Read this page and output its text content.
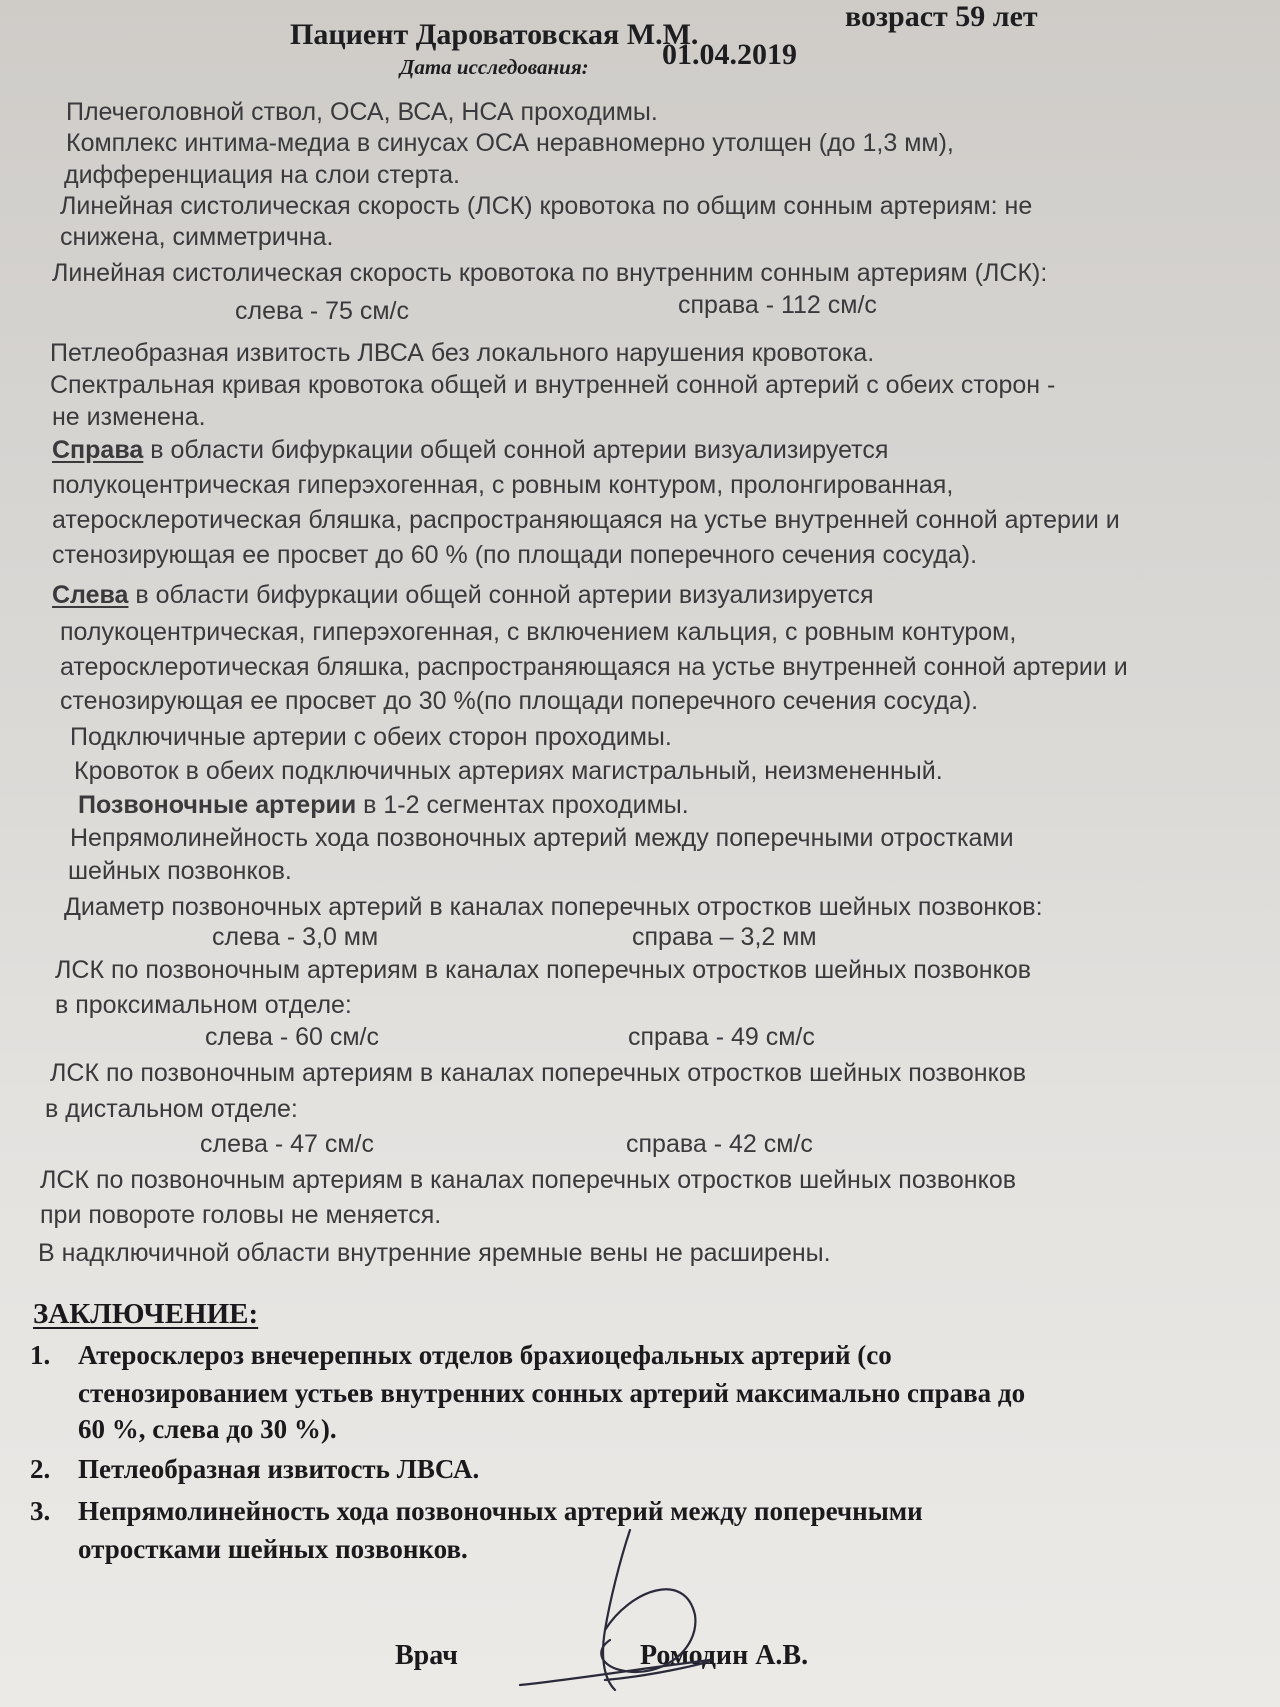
Пациент Дароватовская М.М.
возраст 59 лет
Дата исследования: 01.04.2019
Плечеголовной ствол, ОСА, ВСА, НСА проходимы.
Комплекс интима-медиа в синусах ОСА неравномерно утолщен (до 1,3 мм),
дифференциация на слои стерта.
Линейная систолическая скорость (ЛСК) кровотока по общим сонным артериям: не
снижена, симметрична.
Линейная систолическая скорость кровотока по внутренним сонным артериям (ЛСК):
слева - 75 см/с	справа - 112 см/с
Петлеобразная извитость ЛВСА без локального нарушения кровотока.
Спектральная кривая кровотока общей и внутренней сонной артерий с обеих сторон -
не изменена.
Справа в области бифуркации общей сонной артерии визуализируется
полукоцентрическая гиперэхогенная, с ровным контуром, пролонгированная,
атеросклеротическая бляшка, распространяющаяся на устье внутренней сонной артерии и
стенозирующая ее просвет до 60 % (по площади поперечного сечения сосуда).
Слева в области бифуркации общей сонной артерии визуализируется
полукоцентрическая, гиперэхогенная, с включением кальция, с ровным контуром,
атеросклеротическая бляшка, распространяющаяся на устье внутренней сонной артерии и
стенозирующая ее просвет до 30 %(по площади поперечного сечения сосуда).
Подключичные артерии с обеих сторон проходимы.
Кровоток в обеих подключичных артериях магистральный, неизмененный.
Позвоночные артерии в 1-2 сегментах проходимы.
Непрямолинейность хода позвоночных артерий между поперечными отростками
шейных позвонков.
Диаметр позвоночных артерий в каналах поперечных отростков шейных позвонков:
слева - 3,0 мм	справа – 3,2 мм
ЛСК по позвоночным артериям в каналах поперечных отростков шейных позвонков
в проксимальном отделе:
слева - 60 см/с	справа - 49 см/с
ЛСК по позвоночным артериям в каналах поперечных отростков шейных позвонков
в дистальном отделе:
слева - 47 см/с	справа - 42 см/с
ЛСК по позвоночным артериям в каналах поперечных отростков шейных позвонков
при повороте головы не меняется.
В надключичной области внутренние яремные вены не расширены.
ЗАКЛЮЧЕНИЕ:
1. Атеросклероз внечерепных отделов брахиоцефальных артерий (со
стенозированием устьев внутренних сонных артерий максимально справа до
60 %, слева до 30 %).
2. Петлеобразная извитость ЛВСА.
3. Непрямолинейность хода позвоночных артерий между поперечными
отростками шейных позвонков.
Врач	Ромодин А.В.
